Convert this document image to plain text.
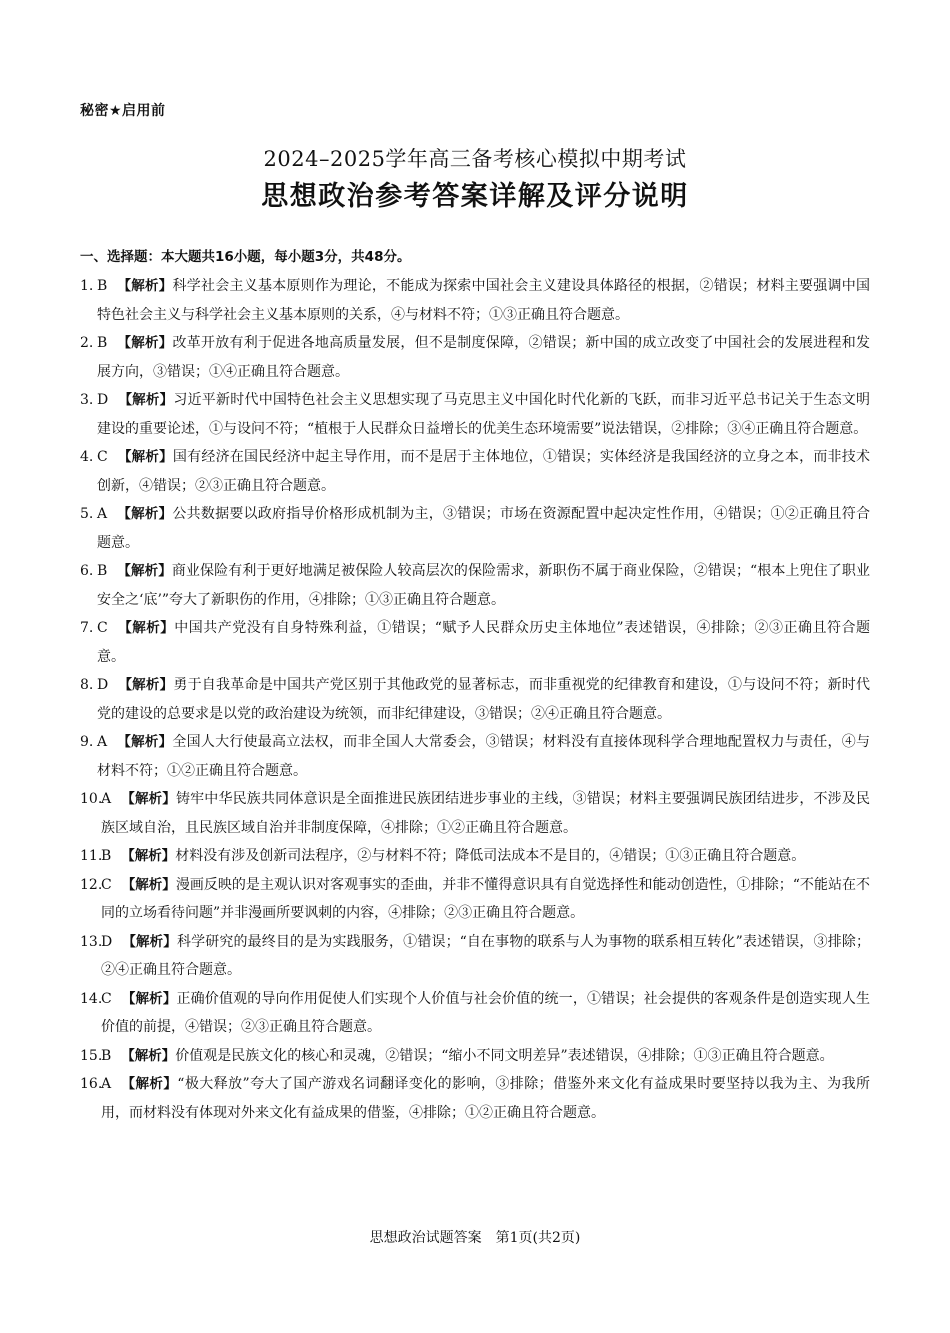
秘密★启用前
2024–2025学年高三备考核心模拟中期考试
思想政治参考答案详解及评分说明
一、选择题：本大题共16小题，每小题3分，共48分。

1. B 【解析】科学社会主义基本原则作为理论，不能成为探索中国社会主义建设具体路径的根据，②错误；材料主要强调中国特色社会主义与科学社会主义基本原则的关系，④与材料不符；①③正确且符合题意。

2. B 【解析】改革开放有利于促进各地高质量发展，但不是制度保障，②错误；新中国的成立改变了中国社会的发展进程和发展方向，③错误；①④正确且符合题意。

3. D 【解析】习近平新时代中国特色社会主义思想实现了马克思主义中国化时代化新的飞跃，而非习近平总书记关于生态文明建设的重要论述，①与设问不符；“植根于人民群众日益增长的优美生态环境需要”说法错误，②排除；③④正确且符合题意。

4. C 【解析】国有经济在国民经济中起主导作用，而不是居于主体地位，①错误；实体经济是我国经济的立身之本，而非技术创新，④错误；②③正确且符合题意。

5. A 【解析】公共数据要以政府指导价格形成机制为主，③错误；市场在资源配置中起决定性作用，④错误；①②正确且符合题意。

6. B 【解析】商业保险有利于更好地满足被保险人较高层次的保险需求，新职伤不属于商业保险，②错误；“根本上兜住了职业安全之‘底’”夸大了新职伤的作用，④排除；①③正确且符合题意。

7. C 【解析】中国共产党没有自身特殊利益，①错误；“赋予人民群众历史主体地位”表述错误，④排除；②③正确且符合题意。

8. D 【解析】勇于自我革命是中国共产党区别于其他政党的显著标志，而非重视党的纪律教育和建设，①与设问不符；新时代党的建设的总要求是以党的政治建设为统领，而非纪律建设，③错误；②④正确且符合题意。

9. A 【解析】全国人大行使最高立法权，而非全国人大常委会，③错误；材料没有直接体现科学合理地配置权力与责任，④与材料不符；①②正确且符合题意。

10.
A 【解析】铸牢中华民族共同体意识是全面推进民族团结进步事业的主线，③错误；材料主要强调民族团结进步，不涉及民族区域自治，且民族区域自治并非制度保障，④排除；①②正确且符合题意。

11.
B 【解析】材料没有涉及创新司法程序，②与材料不符；降低司法成本不是目的，④错误；①③正确且符合题意。

12.
C 【解析】漫画反映的是主观认识对客观事实的歪曲，并非不懂得意识具有自觉选择性和能动创造性，①排除；“不能站在不同的立场看待问题”并非漫画所要讽刺的内容，④排除；②③正确且符合题意。

13.
D 【解析】科学研究的最终目的是为实践服务，①错误；“自在事物的联系与人为事物的联系相互转化”表述错误，③排除；②④正确且符合题意。

14.
C 【解析】正确价值观的导向作用促使人们实现个人价值与社会价值的统一，①错误；社会提供的客观条件是创造实现人生价值的前提，④错误；②③正确且符合题意。

15.
B 【解析】价值观是民族文化的核心和灵魂，②错误；“缩小不同文明差异”表述错误，④排除；①③正确且符合题意。

16.
A 【解析】“极大释放”夸大了国产游戏名词翻译变化的影响，③排除；借鉴外来文化有益成果时要坚持以我为主、为我所用，而材料没有体现对外来文化有益成果的借鉴，④排除；①②正确且符合题意。

思想政治试题答案　第1页(共2页)
